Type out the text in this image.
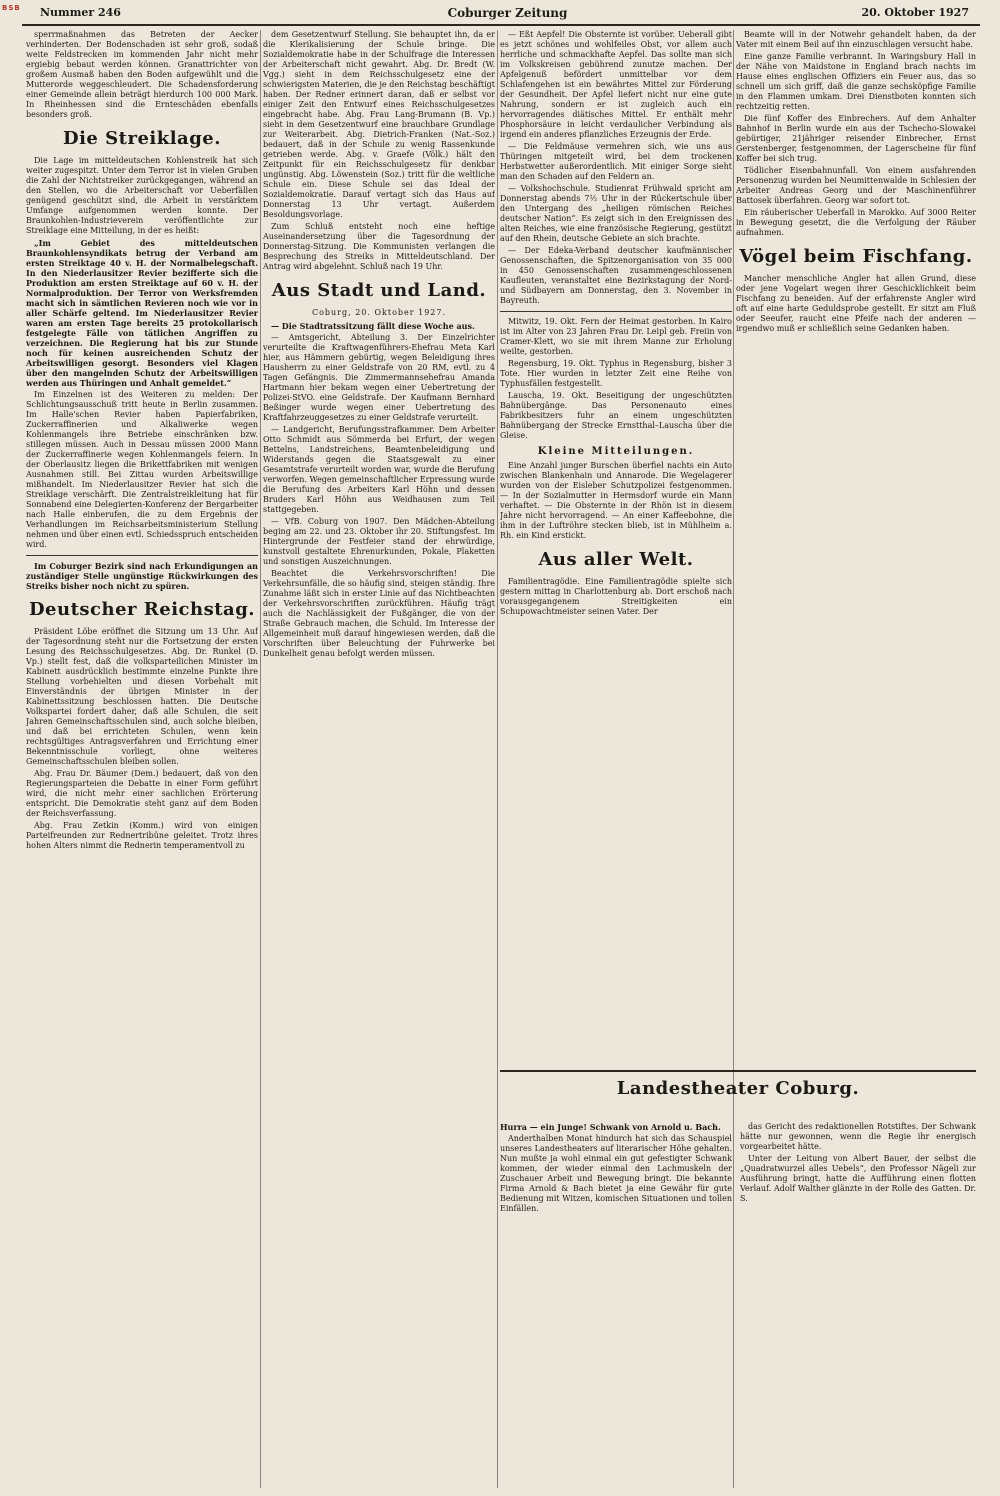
BSB Nummer 246	Coburger Zeitung	20. Oktober 1927

sperrmaßnahmen das Betreten der Aecker verhinderten. Der Bodenschaden ist sehr groß, sodaß weite Feldstrecken im kommenden Jahr nicht mehr ergiebig bebaut werden können. Granattrichter von großem Ausmaß haben den Boden aufgewühlt und die Mutterorde weggeschleudert. Die Schadensforderung einer Gemeinde allein beträgt hierdurch 100 000 Mark. In Rheinhessen sind die Ernteschäden ebenfalls besonders groß.

Die Streiklage.

Die Lage im mitteldeutschen Kohlenstreik hat sich weiter zugespitzt. Unter dem Terror ist in vielen Gruben die Zahl der Nichtstreiker zurückgegangen, während an den Stellen, wo die Arbeiterschaft vor Ueberfällen genügend geschützt sind, die Arbeit in verstärktem Umfange aufgenommen werden konnte. Der Braunkohlen-Industrieverein veröffentlichte zur Streiklage eine Mitteilung, in der es heißt:

„Im Gebiet des mitteldeutschen Braunkohlensyndikats betrug der Verband am ersten Streiktage 40 v. H. der Normalbelegschaft. In den Niederlausitzer Revier bezifferte sich die Produktion am ersten Streiktage auf 60 v. H. der Normalproduktion. Der Terror von Werksfremden macht sich in sämtlichen Revieren noch wie vor in aller Schärfe geltend. Im Niederlausitzer Revier waren am ersten Tage bereits 25 protokollarisch festgelegte Fälle von tätlichen Angriffen zu verzeichnen. Die Regierung hat bis zur Stunde noch für keinen ausreichenden Schutz der Arbeitswilligen gesorgt. Besonders viel Klagen über den mangelnden Schutz der Arbeitswilligen werden aus Thüringen und Anhalt gemeldet.“

Im Einzelnen ist des Weiteren zu melden: Der Schlichtungsausschuß tritt heute in Berlin zusammen. Im Halle'schen Revier haben Papierfabriken, Zuckerraffinerien und Alkaliwerke wegen Kohlenmangels ihre Betriebe einschränken bzw. stillegen müssen. Auch in Dessau müssen 2000 Mann der Zuckerraffinerie wegen Kohlenmangels feiern. In der Oberlausitz liegen die Brikettfabriken mit wenigen Ausnahmen still. Bei Zittau wurden Arbeitswillige mißhandelt. Im Niederlausitzer Revier hat sich die Streiklage verschärft. Die Zentralstreikleitung hat für Sonnabend eine Delegierten-Konferenz der Bergarbeiter nach Halle einberufen, die zu dem Ergebnis der Verhandlungen im Reichsarbeitsministerium Stellung nehmen und über einen evtl. Schiedsspruch entscheiden wird.

Im Coburger Bezirk sind nach Erkundigungen an zuständiger Stelle ungünstige Rückwirkungen des Streiks bisher noch nicht zu spüren.

Deutscher Reichstag.

Präsident Löbe eröffnet die Sitzung um 13 Uhr. Auf der Tagesordnung steht nur die Fortsetzung der ersten Lesung des Reichsschulgesetzes. Abg. Dr. Runkel (D. Vp.) stellt fest, daß die volksparteilichen Minister im Kabinett ausdrücklich bestimmte einzelne Punkte ihre Stellung vorbehielten und diesen Vorbehalt mit Einverständnis der übrigen Minister in der Kabinettssitzung beschlossen hatten. Die Deutsche Volkspartei fordert daher, daß alle Schulen, die seit Jahren Gemeinschaftsschulen sind, auch solche bleiben, und daß bei errichteten Schulen, wenn kein rechtsgültiges Antragsverfahren und Errichtung einer Bekenntnisschule vorliegt, ohne weiteres Gemeinschaftsschulen bleiben sollen.

Abg. Frau Dr. Bäumer (Dem.) bedauert, daß von den Regierungsparteien die Debatte in einer Form geführt wird, die nicht mehr einer sachlichen Erörterung entspricht. Die Demokratie steht ganz auf dem Boden der Reichsverfassung.

Abg. Frau Zetkin (Komm.) wird von einigen Parteifreunden zur Rednertribüne geleitet. Trotz ihres hohen Alters nimmt die Rednerin temperamentvoll zu

dem Gesetzentwurf Stellung. Sie behauptet ihn, da er die Klerikalisierung der Schule bringe. Die Sozialdemokratie habe in der Schulfrage die Interessen der Arbeiterschaft nicht gewahrt. Abg. Dr. Bredt (W. Vgg.) sieht in dem Reichsschulgesetz eine der schwierigsten Materien, die je den Reichstag beschäftigt haben. Der Redner erinnert daran, daß er selbst vor einiger Zeit den Entwurf eines Reichsschulgesetzes eingebracht habe. Abg. Frau Lang-Brumann (B. Vp.) sieht in dem Gesetzentwurf eine brauchbare Grundlage zur Weiterarbeit. Abg. Dietrich-Franken (Nat.-Soz.) bedauert, daß in der Schule zu wenig Rassenkunde getrieben werde. Abg. v. Graefe (Völk.) hält den Zeitpunkt für ein Reichsschulgesetz für denkbar ungünstig. Abg. Löwenstein (Soz.) tritt für die weltliche Schule ein. Diese Schule sei das Ideal der Sozialdemokratie. Darauf vertagt sich das Haus auf Donnerstag 13 Uhr vertagt. Außerdem Besoldungsvorlage.

Zum Schluß entsteht noch eine heftige Auseinandersetzung über die Tagesordnung der Donnerstag-Sitzung. Die Kommunisten verlangen die Besprechung des Streiks in Mitteldeutschland. Der Antrag wird abgelehnt. Schluß nach 19 Uhr.

Aus Stadt und Land.
Coburg, 20. Oktober 1927.

— Die Stadtratssitzung fällt diese Woche aus.

— Amtsgericht, Abteilung 3. Der Einzelrichter verurteilte die Kraftwagenführers-Ehefrau Meta Karl hier, aus Hämmern gebürtig, wegen Beleidigung ihres Hausherrn zu einer Geldstrafe von 20 RM, evtl. zu 4 Tagen Gefängnis. Die Zimmermannsehefrau Amanda Hartmann hier bekam wegen einer Uebertretung der Polizei-StVO. eine Geldstrafe. Der Kaufmann Bernhard Beßinger wurde wegen einer Uebertretung des Kraftfahrzeuggesetzes zu einer Geldstrafe verurteilt.

— Landgericht, Berufungsstrafkammer. Dem Arbeiter Otto Schmidt aus Sömmerda bei Erfurt, der wegen Bettelns, Landstreichens, Beamtenbeleidigung und Widerstands gegen die Staatsgewalt zu einer Gesamtstrafe verurteilt worden war, wurde die Berufung verworfen. Wegen gemeinschaftlicher Erpressung wurde die Berufung des Arbeiters Karl Höhn und dessen Bruders Karl Höhn aus Weidhausen zum Teil stattgegeben.

— VfB. Coburg von 1907. Den Mädchen-Abteilung beging am 22. und 23. Oktober ihr 20. Stiftungsfest. Im Hintergrunde der Festfeier stand der ehrwürdige, kunstvoll gestaltete Ehrenurkunden, Pokale, Plaketten und sonstigen Auszeichnungen.

Beachtet die Verkehrsvorschriften! Die Verkehrsunfälle, die so häufig sind, steigen ständig. Ihre Zunahme läßt sich in erster Linie auf das Nichtbeachten der Verkehrsvorschriften zurückführen. Häufig trägt auch die Nachlässigkeit der Fußgänger, die von der Straße Gebrauch machen, die Schuld. Im Interesse der Allgemeinheit muß darauf hingewiesen werden, daß die Vorschriften über Beleuchtung der Fuhrwerke bei Dunkelheit genau befolgt werden müssen.

— Eßt Aepfel! Die Obsternte ist vorüber. Ueberall gibt es jetzt schönes und wohlfeiles Obst, vor allem auch herrliche und schmackhafte Aepfel. Das sollte man sich im Volkskreisen gebührend zunutze machen. Der Apfelgenuß befördert unmittelbar vor dem Schlafengehen ist ein bewährtes Mittel zur Förderung der Gesundheit. Der Apfel liefert nicht nur eine gute Nahrung, sondern er ist zugleich auch ein hervorragendes diätisches Mittel. Er enthält mehr Phosphorsäure in leicht verdaulicher Verbindung als irgend ein anderes pflanzliches Erzeugnis der Erde.

— Die Feldmäuse vermehren sich, wie uns aus Thüringen mitgeteilt wird, bei dem trockenen Herbstwetter außerordentlich. Mit einiger Sorge sieht man den Schaden auf den Feldern an.

— Volkshochschule. Studienrat Frühwald spricht am Donnerstag abends 7½ Uhr in der Rückertschule über den Untergang des „heiligen römischen Reiches deutscher Nation“. Es zeigt sich in den Ereignissen des alten Reiches, wie eine französische Regierung, gestützt auf den Rhein, deutsche Gebiete an sich brachte.

— Der Edeka-Verband deutscher kaufmännischer Genossenschaften, die Spitzenorganisation von 35 000 in 450 Genossenschaften zusammengeschlossenen Kaufleuten, veranstaltet eine Bezirkstagung der Nord- und Südbayern am Donnerstag, den 3. November in Bayreuth.

Mitwitz, 19. Okt. Fern der Heimat gestorben. In Kairo ist im Alter von 23 Jahren Frau Dr. Leipl geb. Freiin von Cramer-Klett, wo sie mit ihrem Manne zur Erholung weilte, gestorben.

Regensburg, 19. Okt. Typhus in Regensburg, bisher 3 Tote. Hier wurden in letzter Zeit eine Reihe von Typhusfällen festgestellt.

Lauscha, 19. Okt. Beseitigung der ungeschützten Bahnübergänge. Das Personenauto eines Fabrikbesitzers fuhr an einem ungeschützten Bahnübergang der Strecke Ernstthal–Lauscha über die Gleise.

Kleine Mitteilungen.

Eine Anzahl junger Burschen überfiel nachts ein Auto zwischen Blankenhain und Annarode. Die Wegelagerer wurden von der Eisleber Schutzpolizei festgenommen. — In der Sozialmutter in Hermsdorf wurde ein Mann verhaftet. — Die Obsternte in der Rhön ist in diesem Jahre nicht hervorragend. — An einer Kaffeebohne, die ihm in der Luftröhre stecken blieb, ist in Mühlheim a. Rh. ein Kind erstickt.

Aus aller Welt.

Familientragödie. Eine Familientragödie spielte sich gestern mittag in Charlottenburg ab. Dort erschoß nach vorausgegangenem Streitigkeiten ein Schupowachtmeister seinen Vater. Der

Beamte will in der Notwehr gehandelt haben, da der Vater mit einem Beil auf ihn einzuschlagen versucht habe.

Eine ganze Familie verbrannt. In Waringsbury Hall in der Nähe von Maidstone in England brach nachts im Hause eines englischen Offiziers ein Feuer aus, das so schnell um sich griff, daß die ganze sechsköpfige Familie in den Flammen umkam. Drei Dienstboten konnten sich rechtzeitig retten.

Die fünf Koffer des Einbrechers. Auf dem Anhalter Bahnhof in Berlin wurde ein aus der Tschecho-Slowakei gebürtiger, 21jähriger reisender Einbrecher, Ernst Gerstenberger, festgenommen, der Lagerscheine für fünf Koffer bei sich trug.

Tödlicher Eisenbahnunfall. Von einem ausfahrenden Personenzug wurden bei Neumittenwalde in Schlesien der Arbeiter Andreas Georg und der Maschinenführer Battosek überfahren. Georg war sofort tot.

Ein räuberischer Ueberfall in Marokko. Auf 3000 Reiter in Bewegung gesetzt, die die Verfolgung der Räuber aufnahmen.

Vögel beim Fischfang.

Mancher menschliche Angler hat allen Grund, diese oder jene Vogelart wegen ihrer Geschicklichkeit beim Fischfang zu beneiden. Auf der erfahrenste Angler wird oft auf eine harte Geduldsprobe gestellt. Er sitzt am Fluß oder Seeufer, raucht eine Pfeife nach der anderen — irgendwo muß er schließlich seine Gedanken haben.

Landestheater Coburg.

Hurra — ein Junge! Schwank von Arnold u. Bach.

Anderthalben Monat hindurch hat sich das Schauspiel unseres Landestheaters auf literarischer Höhe gehalten. Nun mußte ja wohl einmal ein gut gefestigter Schwank kommen, der wieder einmal den Lachmuskeln der Zuschauer Arbeit und Bewegung bringt. Die bekannte Firma Arnold & Bach bietet ja eine Gewähr für gute Bedienung mit Witzen, komischen Situationen und tollen Einfällen.

das Gericht des redaktionellen Rotstiftes. Der Schwank hätte nur gewonnen, wenn die Regie ihr energisch vorgearbeitet hätte.

Unter der Leitung von Albert Bauer, der selbst die „Quadratwurzel alles Uebels“, den Professor Nägeli zur Ausführung bringt, hatte die Aufführung einen flotten Verlauf. Adolf Walther glänzte in der Rolle des Gatten. Dr. S.
